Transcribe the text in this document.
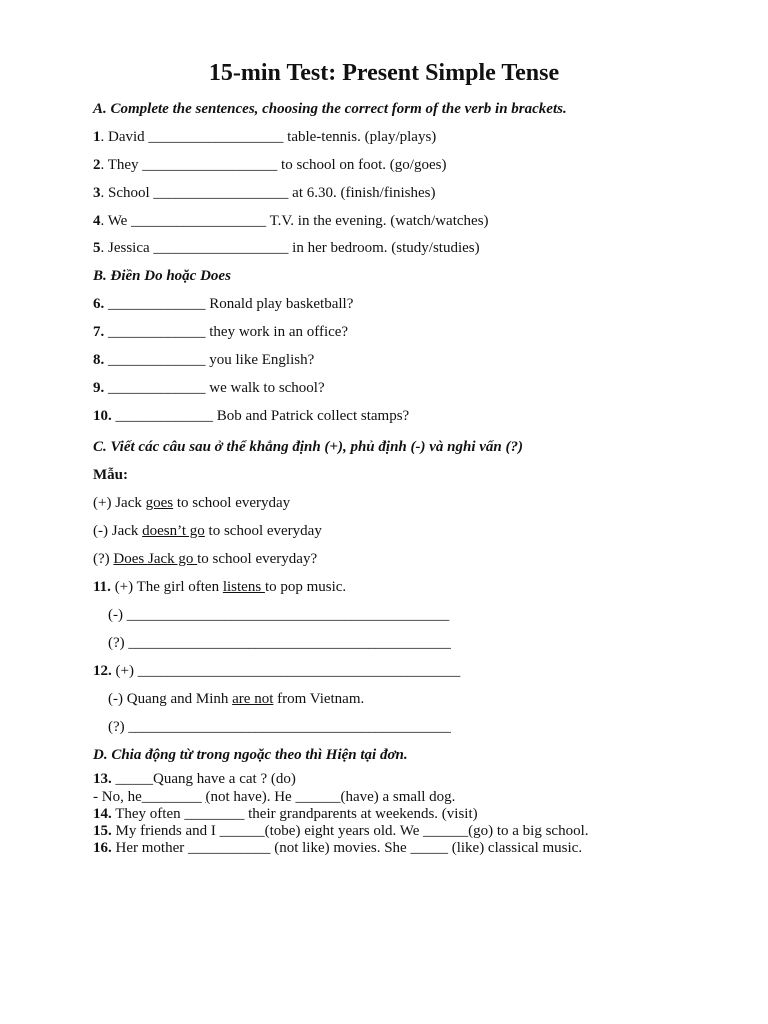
15-min Test: Present Simple Tense
A. Complete the sentences, choosing the correct form of the verb in brackets.
1. David __________________ table-tennis. (play/plays)
2. They __________________ to school on foot. (go/goes)
3. School __________________ at 6.30. (finish/finishes)
4. We __________________ T.V. in the evening. (watch/watches)
5. Jessica __________________ in her bedroom. (study/studies)
B. Điền Do hoặc Does
6. _____________ Ronald play basketball?
7. _____________ they work in an office?
8. _____________ you like English?
9. _____________ we walk to school?
10. _____________ Bob and Patrick collect stamps?
C. Viết các câu sau ở thể khẳng định (+), phủ định (-) và nghi vấn (?)
Mẫu:
(+) Jack goes to school everyday
(-) Jack doesn’t go to school everyday
(?) Does Jack go to school everyday?
11. (+) The girl often listens to pop music.
(-) ___________________________________________
(?) ___________________________________________
12. (+) ___________________________________________
(-) Quang and Minh are not from Vietnam.
(?) ___________________________________________
D. Chia động từ trong ngoặc theo thì Hiện tại đơn.
13. _____Quang have a cat ? (do)
- No, he________ (not have). He ______(have) a small dog.
14. They often ________ their grandparents at weekends. (visit)
15. My friends and I ______(tobe) eight years old. We ______(go) to a big school.
16. Her mother ___________ (not like) movies. She _____ (like) classical music.
